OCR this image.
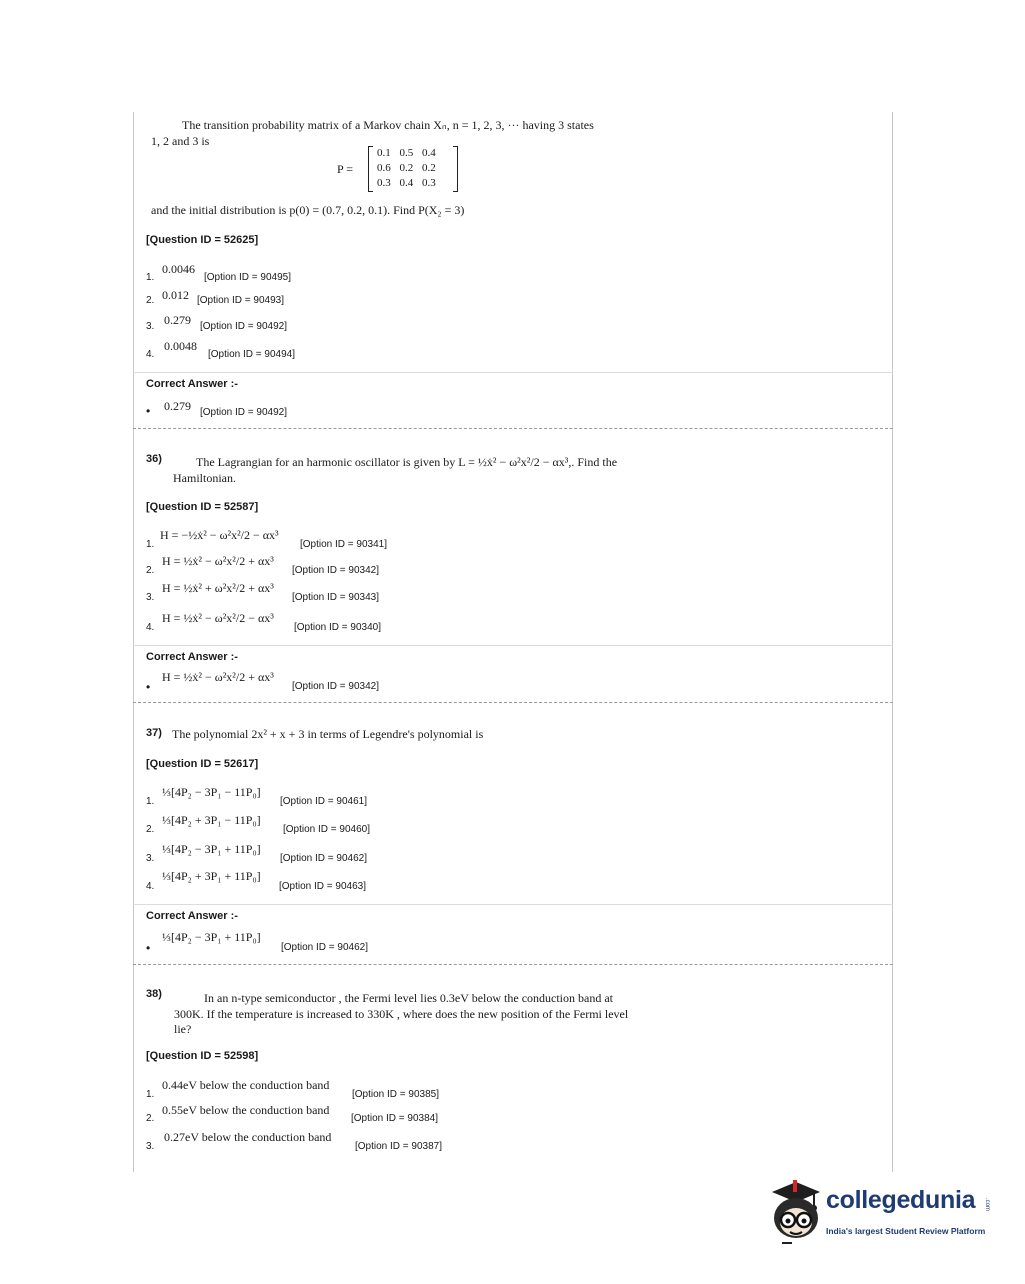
The transition probability matrix of a Markov chain Xₙ, n = 1, 2, 3, ··· having 3 states
1, 2 and 3 is
P =
0.1 0.5 0.4
0.6 0.2 0.2
0.3 0.4 0.3
and the initial distribution is p(0) = (0.7, 0.2, 0.1). Find P(X₂ = 3)
[Question ID = 52625]
1.
0.0046
[Option ID = 90495]
2. 0.012 [Option ID = 90493]
3. 0.279 [Option ID = 90492]
4.
0.0048
[Option ID = 90494]
Correct Answer :-
• 0.279 [Option ID = 90492]
36)	The Lagrangian for an harmonic oscillator is given by L = ½ẋ² − ω²x²/2 − αx³,. Find the
Hamiltonian.
[Question ID = 52587]
1.
H = −½ẋ² − ω²x²/2 − αx³
[Option ID = 90341]
2.
H = ½ẋ² − ω²x²/2 + αx³
[Option ID = 90342]
3.
H = ½ẋ² + ω²x²/2 + αx³
[Option ID = 90343]
4.
H = ½ẋ² − ω²x²/2 − αx³
[Option ID = 90340]
Correct Answer :-
•
H = ½ẋ² − ω²x²/2 + αx³
[Option ID = 90342]
37) The polynomial 2x² + x + 3 in terms of Legendre's polynomial is
[Question ID = 52617]
1.
⅓[4P₂ − 3P₁ − 11P₀]
[Option ID = 90461]
2.
⅓[4P₂ + 3P₁ − 11P₀]
[Option ID = 90460]
3.
⅓[4P₂ − 3P₁ + 11P₀]
[Option ID = 90462]
4.
⅓[4P₂ + 3P₁ + 11P₀]
[Option ID = 90463]
Correct Answer :-
•
⅓[4P₂ − 3P₁ + 11P₀]
[Option ID = 90462]
38)	In an n-type semiconductor , the Fermi level lies 0.3eV below the conduction band at
300K. If the temperature is increased to 330K , where does the new position of the Fermi level
lie?
[Question ID = 52598]
1.
0.44eV below the conduction band
[Option ID = 90385]
2.
0.55eV below the conduction band
[Option ID = 90384]
3.
0.27eV below the conduction band
[Option ID = 90387]
collegedunia .com
India's largest Student Review Platform
